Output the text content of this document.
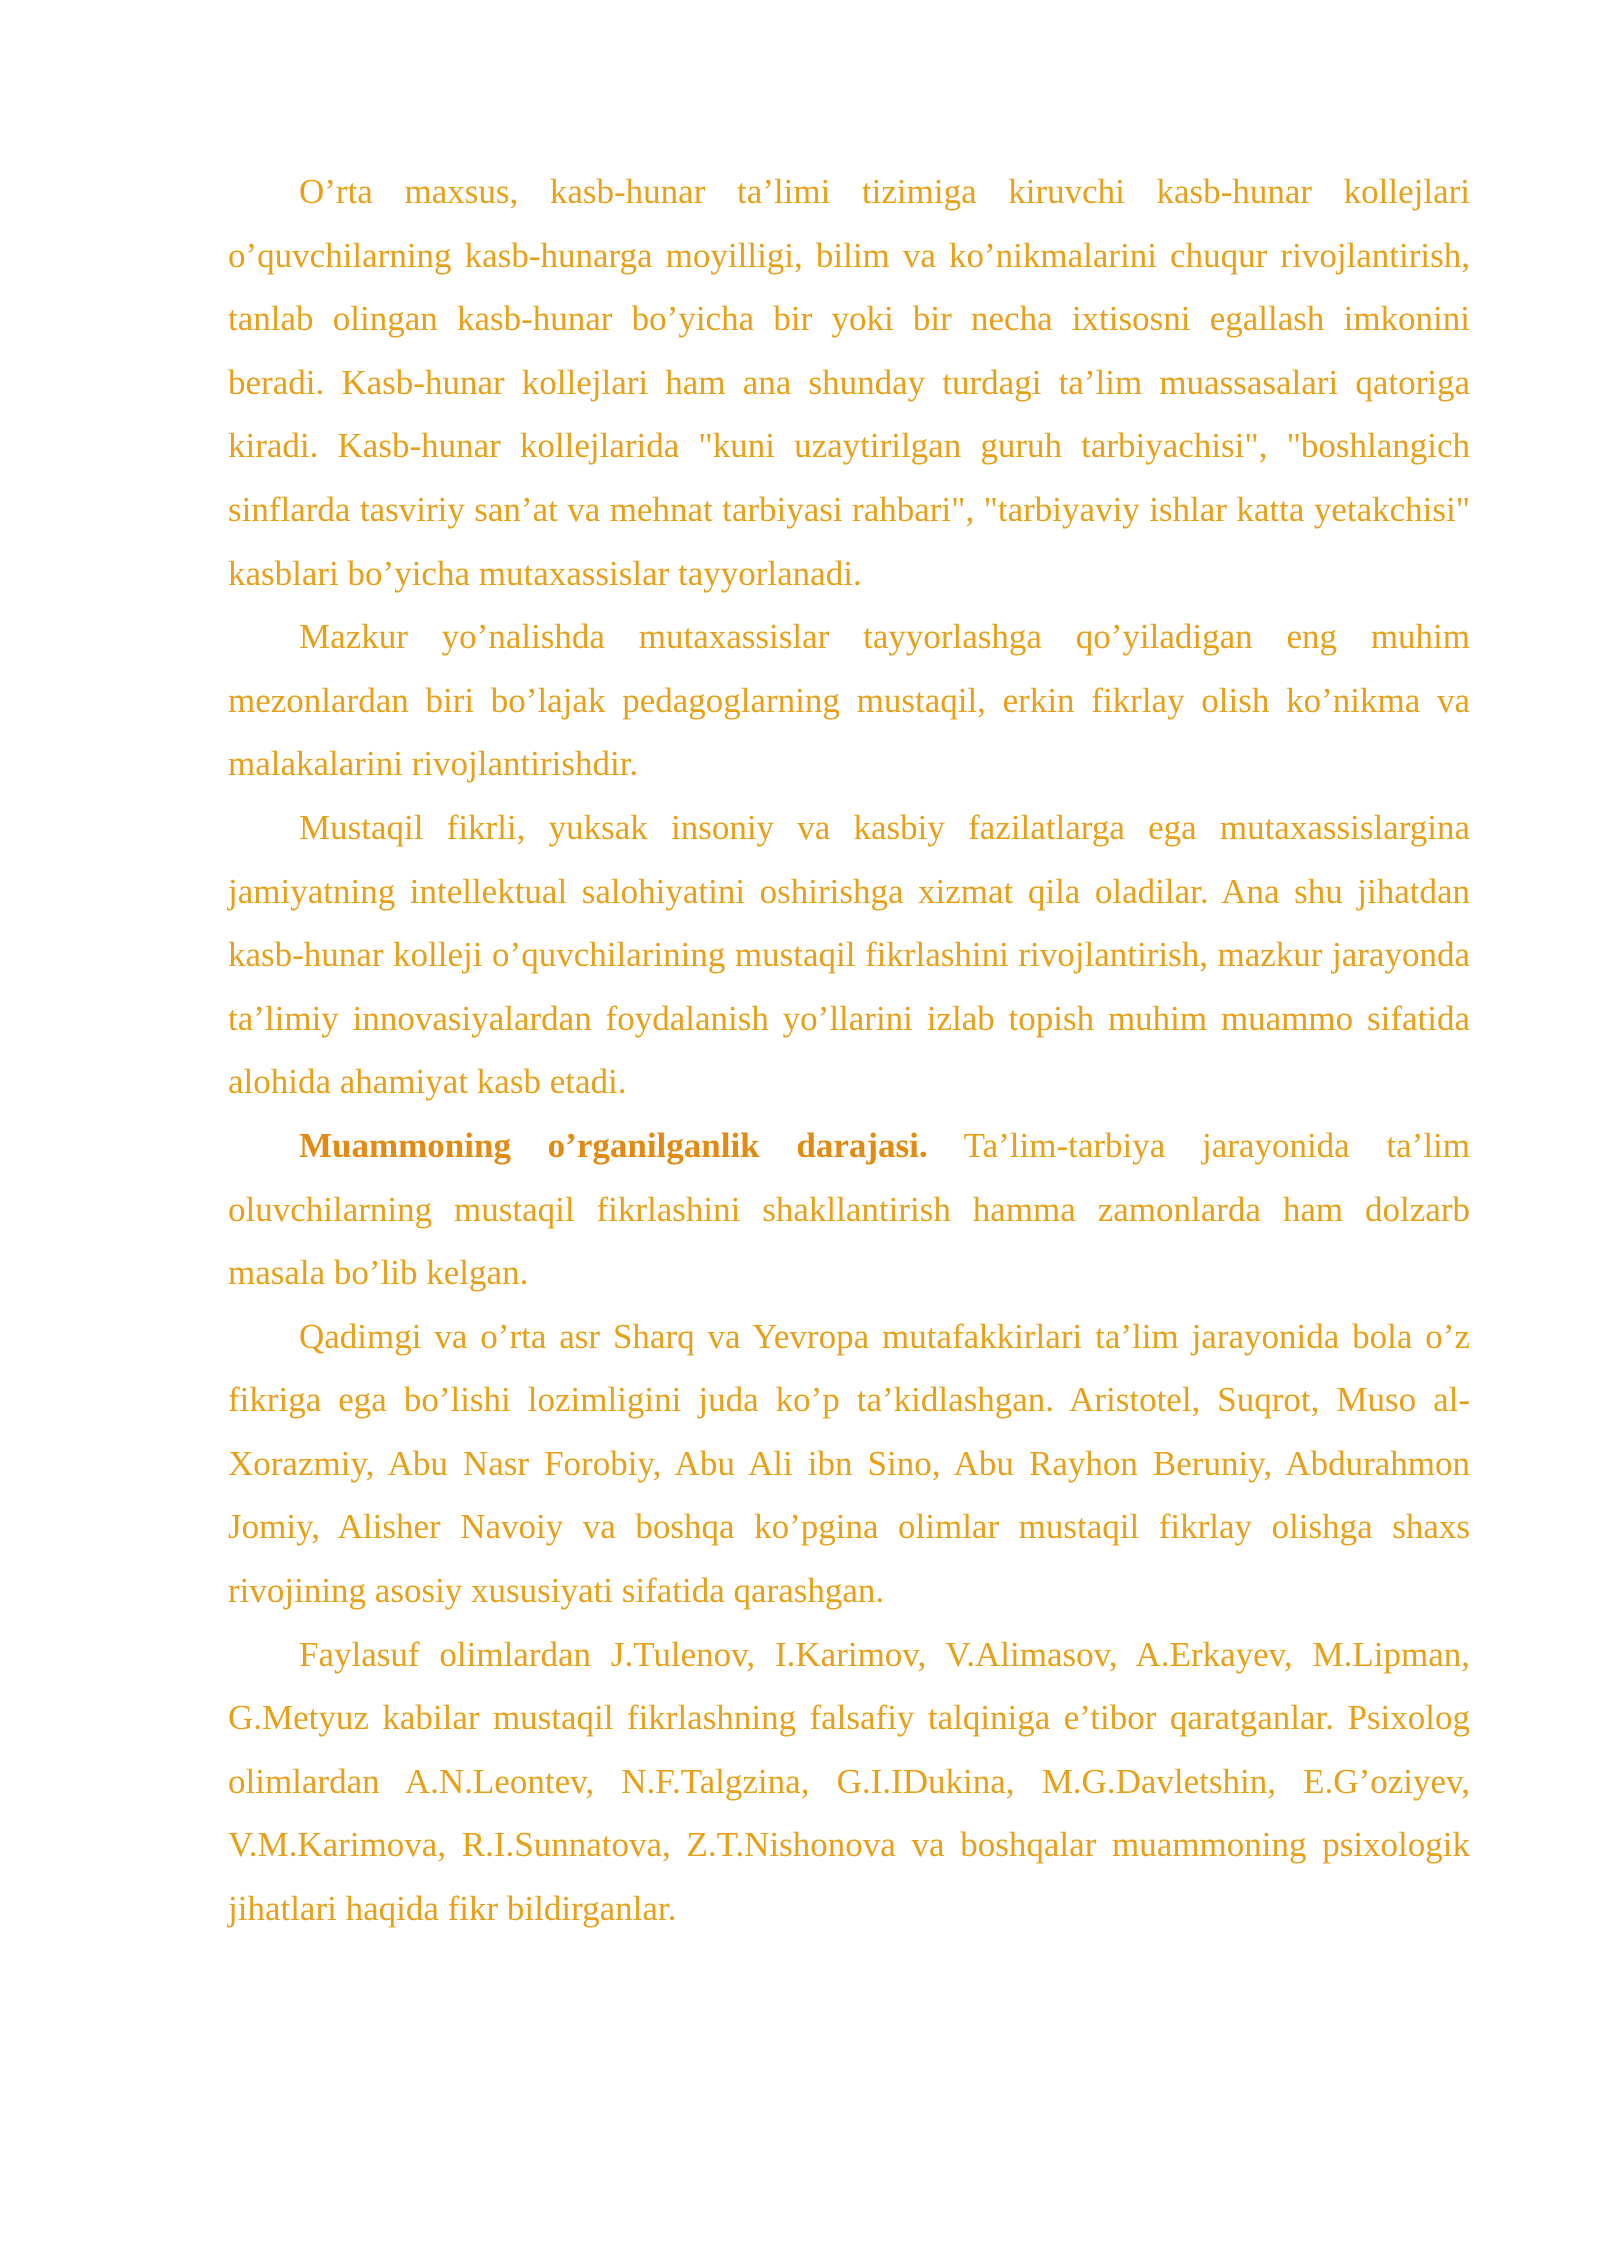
O’rta maxsus, kasb-hunar ta’limi tizimiga kiruvchi kasb-hunar kollejlari o’quvchilarning kasb-hunarga moyilligi, bilim va ko’nikmalarini chuqur rivojlantirish, tanlab olingan kasb-hunar bo’yicha bir yoki bir necha ixtisosni egallash imkonini beradi. Kasb-hunar kollejlari ham ana shunday turdagi ta’lim muassasalari qatoriga kiradi. Kasb-hunar kollejlarida "kuni uzaytirilgan guruh tarbiyachisi", "boshlangich sinflarda tasviriy san’at va mehnat tarbiyasi rahbari", "tarbiyaviy ishlar katta yetakchisi" kasblari bo’yicha mutaxassislar tayyorlanadi.

Mazkur yo’nalishda mutaxassislar tayyorlashga qo’yiladigan eng muhim mezonlardan biri bo’lajak pedagoglarning mustaqil, erkin fikrlay olish ko’nikma va malakalarini rivojlantirishdir.

Mustaqil fikrli, yuksak insoniy va kasbiy fazilatlarga ega mutaxassislargina jamiyatning intellektual salohiyatini oshirishga xizmat qila oladilar. Ana shu jihatdan kasb-hunar kolleji o’quvchilarining mustaqil fikrlashini rivojlantirish, mazkur jarayonda ta’limiy innovasiyalardan foydalanish yo’llarini izlab topish muhim muammo sifatida alohida ahamiyat kasb etadi.

Muammoning o’rganilganlik darajasi. Ta’lim-tarbiya jarayonida ta’lim oluvchilarning mustaqil fikrlashini shakllantirish hamma zamonlarda ham dolzarb masala bo’lib kelgan.

Qadimgi va o’rta asr Sharq va Yevropa mutafakkirlari ta’lim jarayonida bola o’z fikriga ega bo’lishi lozimligini juda ko’p ta’kidlashgan. Aristotel, Suqrot, Muso al-Xorazmiy, Abu Nasr Forobiy, Abu Ali ibn Sino, Abu Rayhon Beruniy, Abdurahmon Jomiy, Alisher Navoiy va boshqa ko’pgina olimlar mustaqil fikrlay olishga shaxs rivojining asosiy xususiyati sifatida qarashgan.

Faylasuf olimlardan J.Tulenov, I.Karimov, V.Alimasov, A.Erkayev, M.Lipman, G.Metyuz kabilar mustaqil fikrlashning falsafiy talqiniga e’tibor qaratganlar. Psixolog olimlardan A.N.Leontev, N.F.Talgzina, G.I.IDukina, M.G.Davletshin, E.G’oziyev, V.M.Karimova, R.I.Sunnatova, Z.T.Nishonova va boshqalar muammoning psixologik jihatlari haqida fikr bildirganlar.
